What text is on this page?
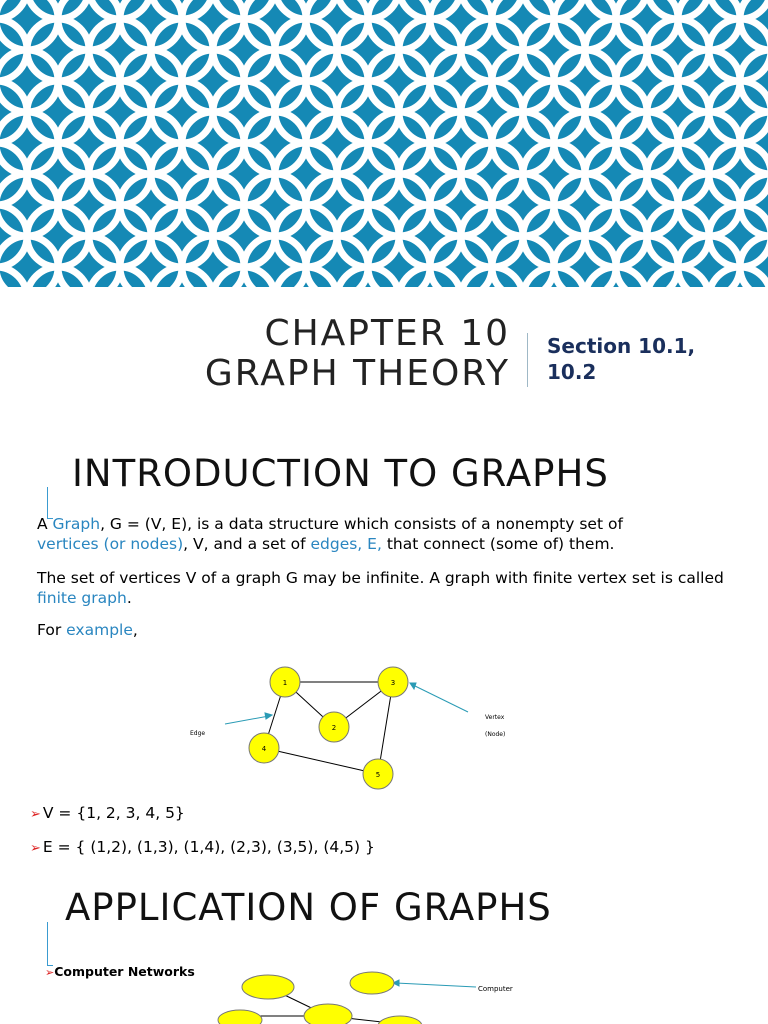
CHAPTER 10
GRAPH THEORY
Section 10.1, 10.2
INTRODUCTION TO GRAPHS
A Graph, G = (V, E), is a data structure which consists of a nonempty set of
vertices (or nodes), V, and a set of edges, E, that connect (some of) them.
The set of vertices V of a graph G may be infinite. A graph with finite vertex set is called finite graph.
For example,
1
2
3
4
5
Edge
Vertex
(Node)
➢ V = {1, 2, 3, 4, 5}
➢ E = { (1,2), (1,3), (1,4), (2,3), (3,5), (4,5) }
APPLICATION OF GRAPHS
➢Computer Networks
Computer
